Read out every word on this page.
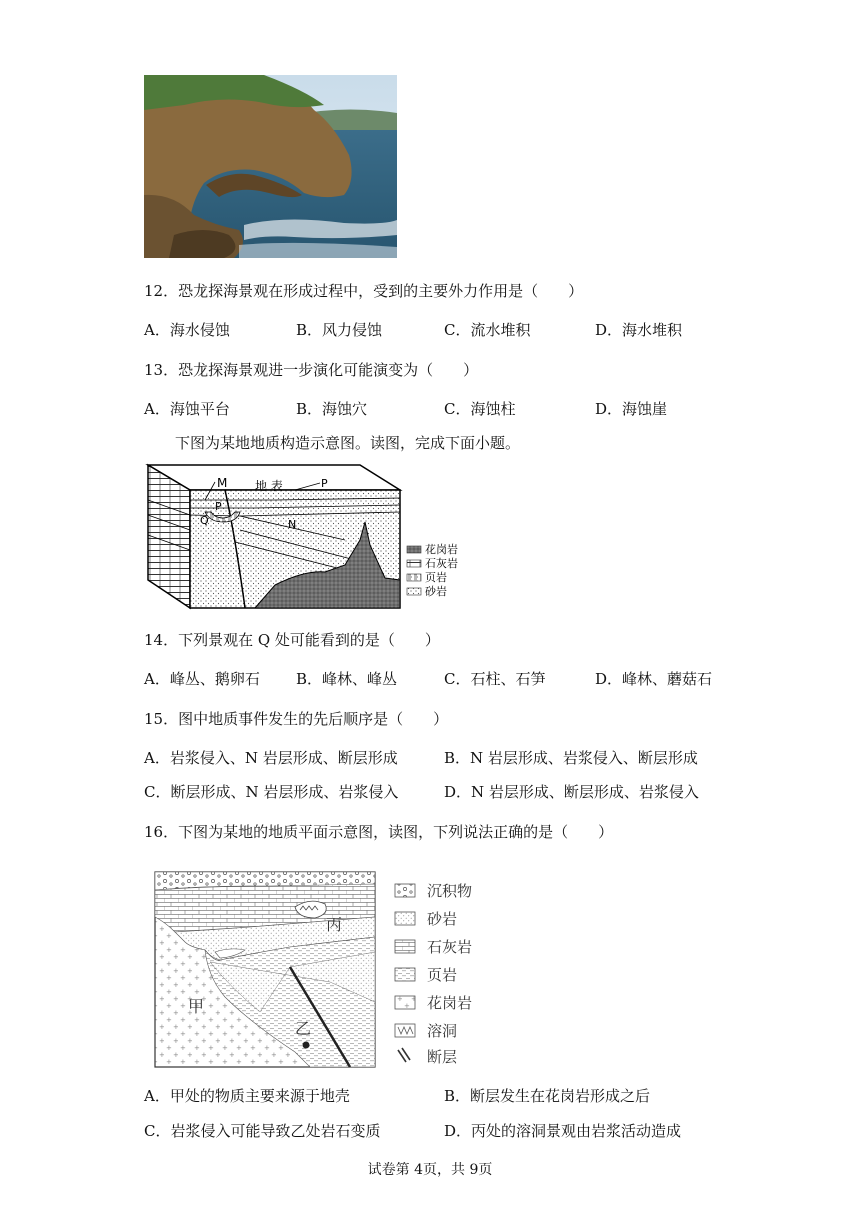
12．恐龙探海景观在形成过程中，受到的主要外力作用是（　　）
A．海水侵蚀	B．风力侵蚀	C．流水堆积	D．海水堆积
13．恐龙探海景观进一步演化可能演变为（　　）
A．海蚀平台	B．海蚀穴	C．海蚀柱	D．海蚀崖
下图为某地地质构造示意图。读图，完成下面小题。
M 地 表	P
P
Q	N
花岗岩
石灰岩
页岩
砂岩
14．下列景观在 Q 处可能看到的是（　　）
A．峰丛、鹅卵石 B．峰林、峰丛	C．石柱、石笋	D．峰林、蘑菇石
15．图中地质事件发生的先后顺序是（　　）
A．岩浆侵入、N 岩层形成、断层形成	B．N 岩层形成、岩浆侵入、断层形成
C．断层形成、N 岩层形成、岩浆侵入	D．N 岩层形成、断层形成、岩浆侵入
16．下图为某地的地质平面示意图，读图，下列说法正确的是（　　）
丙
甲
乙
沉积物
砂岩
石灰岩
页岩
花岗岩
溶洞
断层
A．甲处的物质主要来源于地壳	B．断层发生在花岗岩形成之后
C．岩浆侵入可能导致乙处岩石变质	D．丙处的溶洞景观由岩浆活动造成
试卷第 4页，共 9页
